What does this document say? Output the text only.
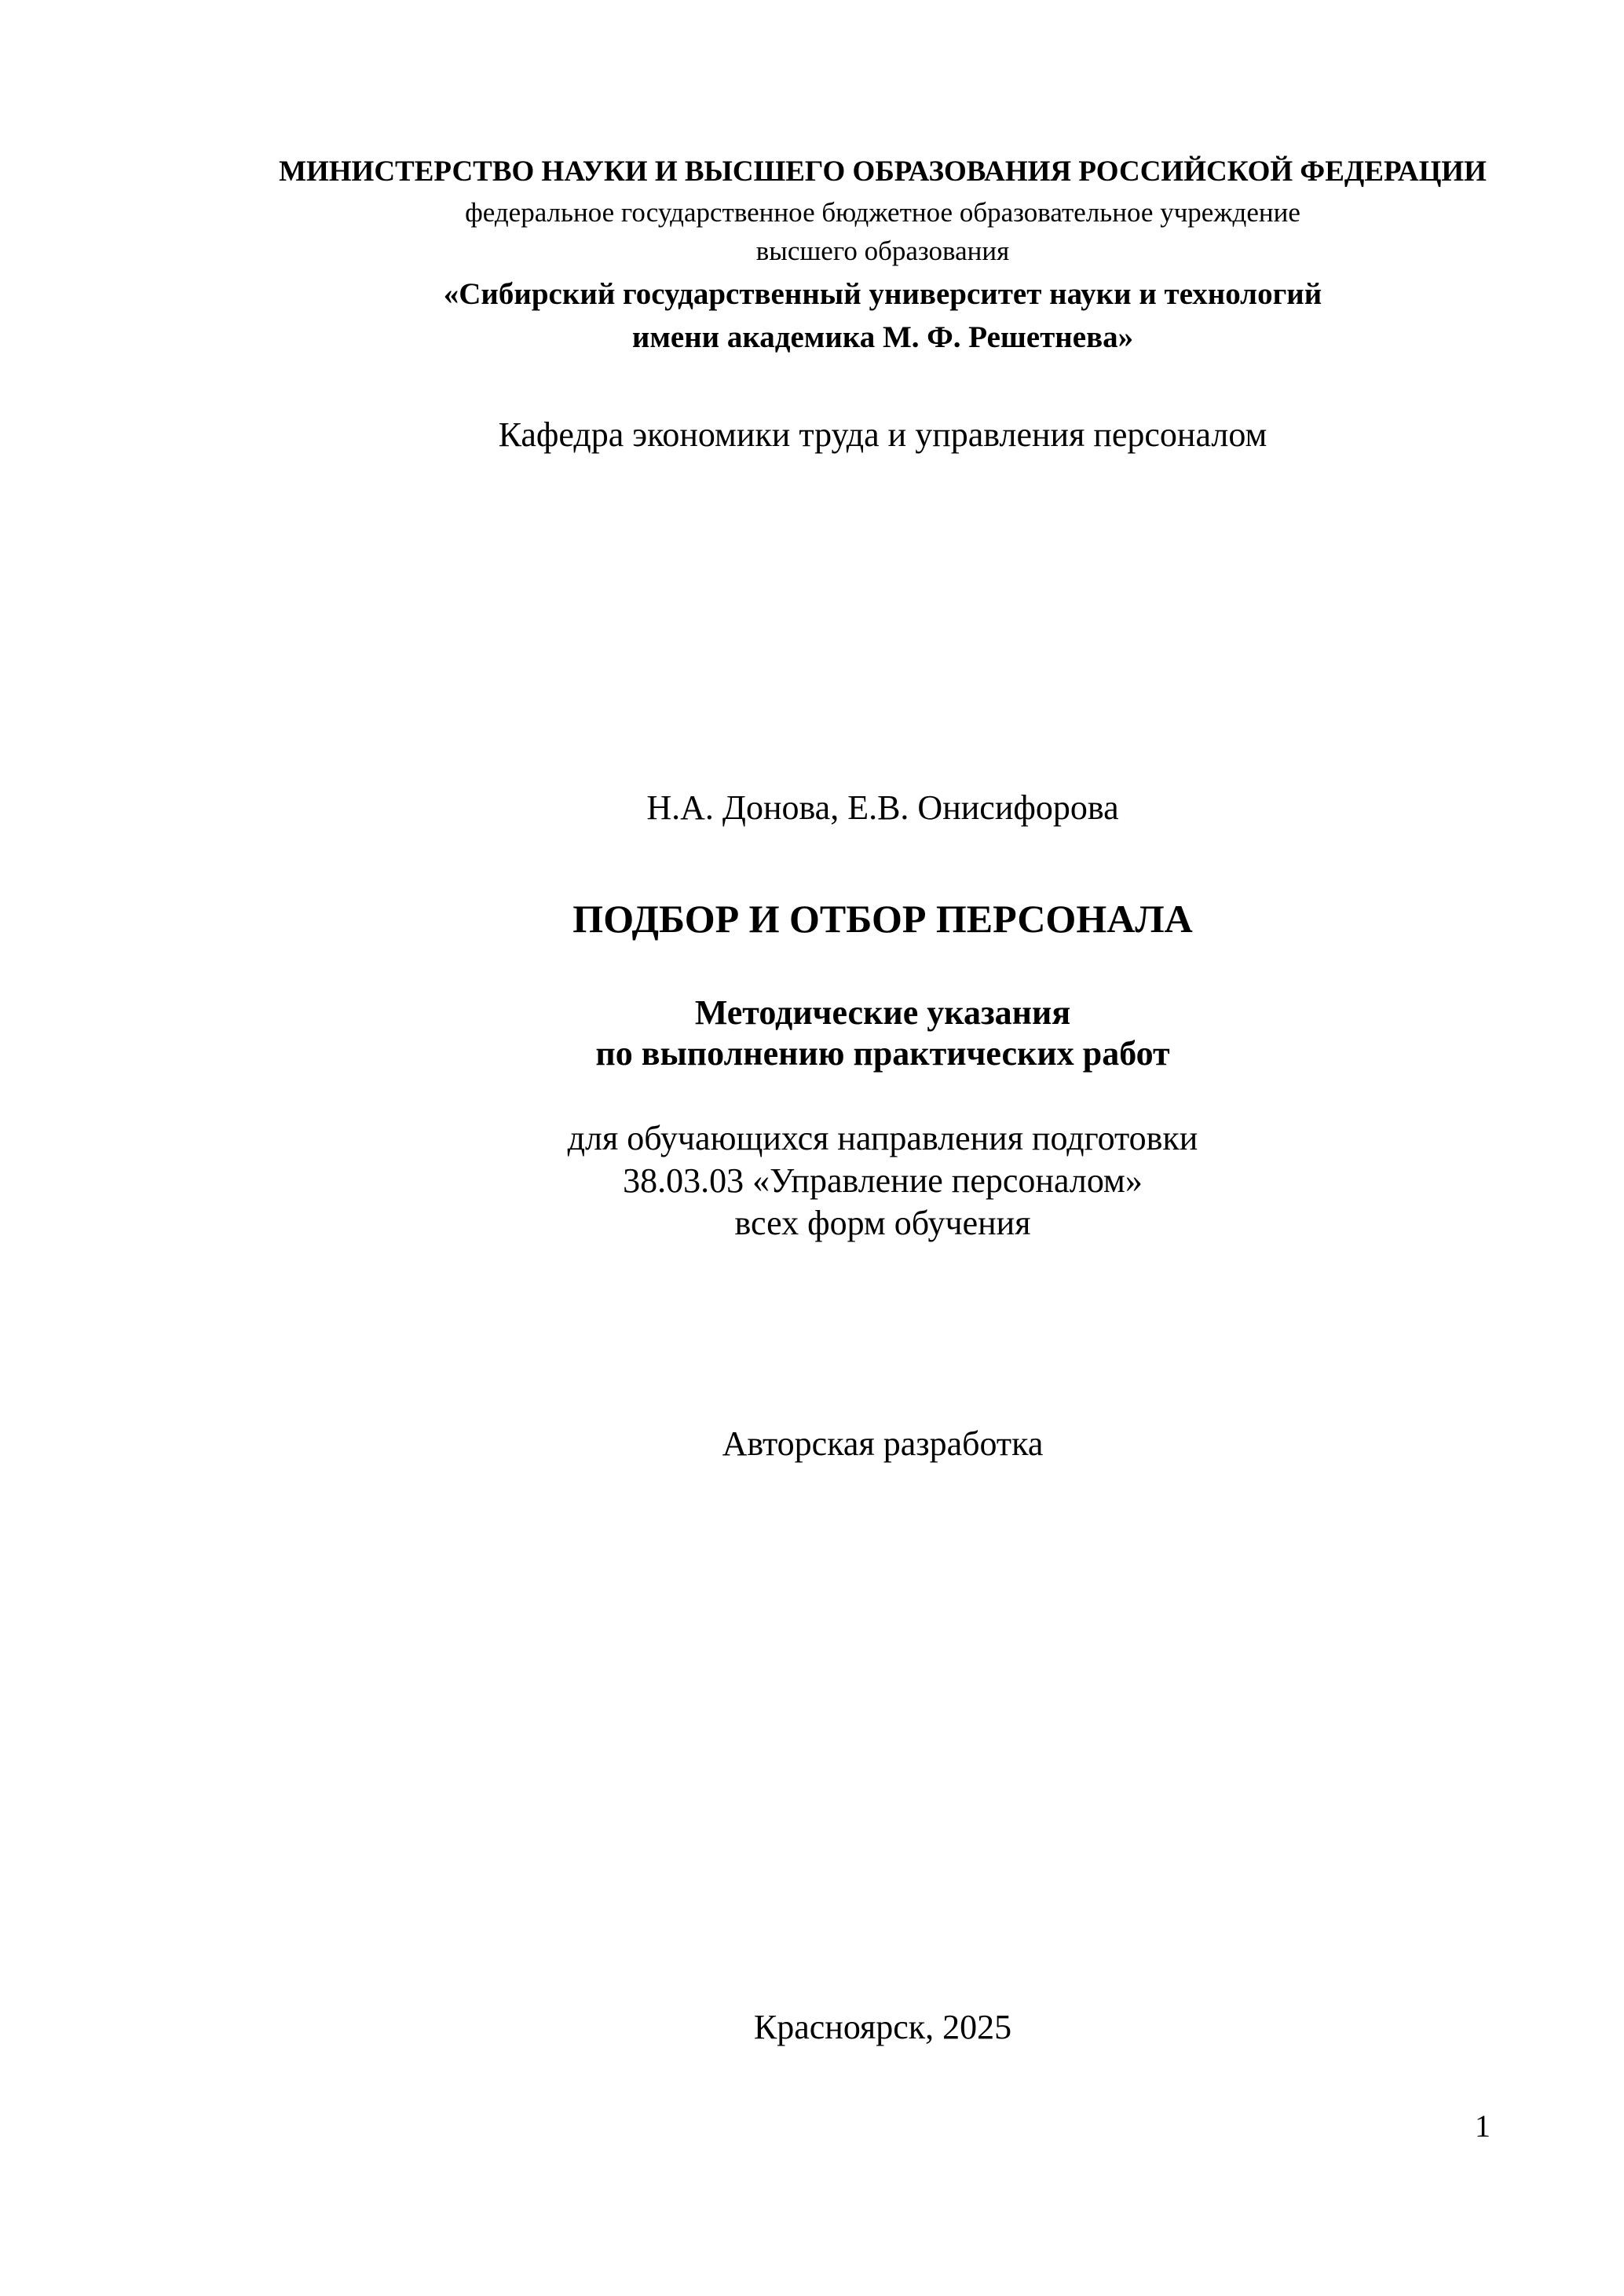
МИНИСТЕРСТВО НАУКИ И ВЫСШЕГО ОБРАЗОВАНИЯ РОССИЙСКОЙ ФЕДЕРАЦИИ
федеральное государственное бюджетное образовательное учреждение
высшего образования
«Сибирский государственный университет науки и технологий
имени академика М. Ф. Решетнева»
Кафедра экономики труда и управления персоналом
Н.А. Донова, Е.В. Онисифорова
ПОДБОР И ОТБОР ПЕРСОНАЛА
Методические указания
по выполнению практических работ
для обучающихся направления подготовки
38.03.03 «Управление персоналом»
всех форм обучения
Авторская разработка
Красноярск, 2025
1
